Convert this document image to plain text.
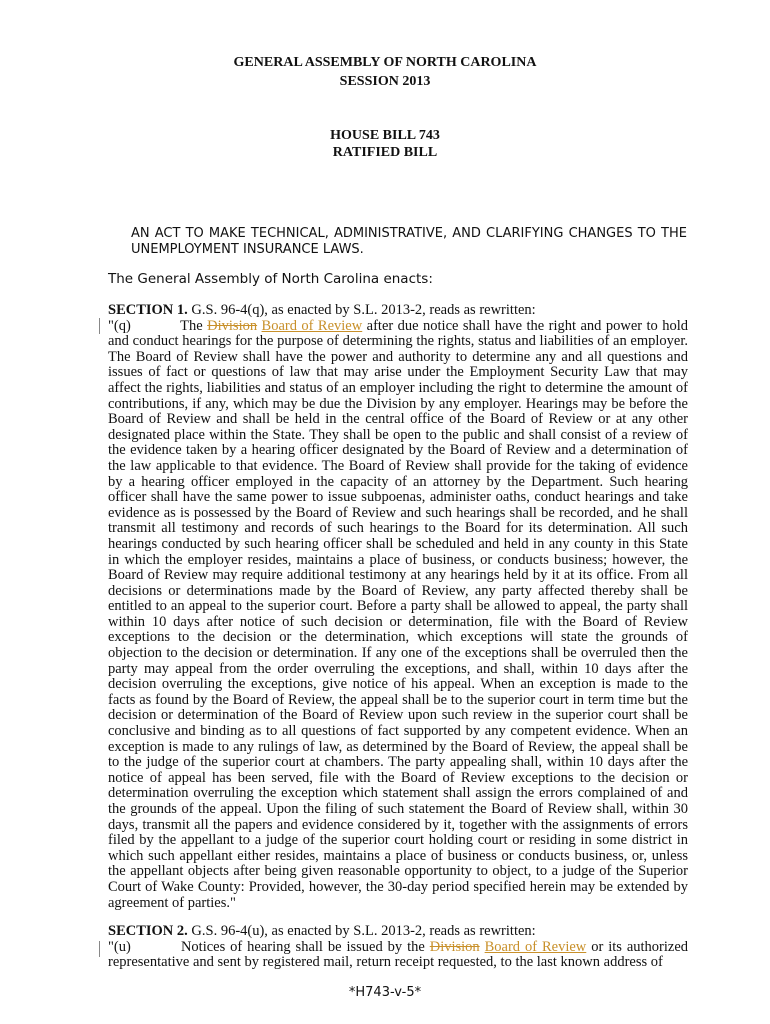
GENERAL ASSEMBLY OF NORTH CAROLINA
SESSION 2013
HOUSE BILL 743
RATIFIED BILL
AN ACT TO MAKE TECHNICAL, ADMINISTRATIVE, AND CLARIFYING CHANGES TO THE UNEMPLOYMENT INSURANCE LAWS.
The General Assembly of North Carolina enacts:
SECTION 1. G.S. 96-4(q), as enacted by S.L. 2013-2, reads as rewritten:
"(q)	The Division Board of Review after due notice shall have the right and power to hold and conduct hearings for the purpose of determining the rights, status and liabilities of an employer. The Board of Review shall have the power and authority to determine any and all questions and issues of fact or questions of law that may arise under the Employment Security Law that may affect the rights, liabilities and status of an employer including the right to determine the amount of contributions, if any, which may be due the Division by any employer. Hearings may be before the Board of Review and shall be held in the central office of the Board of Review or at any other designated place within the State. They shall be open to the public and shall consist of a review of the evidence taken by a hearing officer designated by the Board of Review and a determination of the law applicable to that evidence. The Board of Review shall provide for the taking of evidence by a hearing officer employed in the capacity of an attorney by the Department. Such hearing officer shall have the same power to issue subpoenas, administer oaths, conduct hearings and take evidence as is possessed by the Board of Review and such hearings shall be recorded, and he shall transmit all testimony and records of such hearings to the Board for its determination. All such hearings conducted by such hearing officer shall be scheduled and held in any county in this State in which the employer resides, maintains a place of business, or conducts business; however, the Board of Review may require additional testimony at any hearings held by it at its office. From all decisions or determinations made by the Board of Review, any party affected thereby shall be entitled to an appeal to the superior court. Before a party shall be allowed to appeal, the party shall within 10 days after notice of such decision or determination, file with the Board of Review exceptions to the decision or the determination, which exceptions will state the grounds of objection to the decision or determination. If any one of the exceptions shall be overruled then the party may appeal from the order overruling the exceptions, and shall, within 10 days after the decision overruling the exceptions, give notice of his appeal. When an exception is made to the facts as found by the Board of Review, the appeal shall be to the superior court in term time but the decision or determination of the Board of Review upon such review in the superior court shall be conclusive and binding as to all questions of fact supported by any competent evidence. When an exception is made to any rulings of law, as determined by the Board of Review, the appeal shall be to the judge of the superior court at chambers. The party appealing shall, within 10 days after the notice of appeal has been served, file with the Board of Review exceptions to the decision or determination overruling the exception which statement shall assign the errors complained of and the grounds of the appeal. Upon the filing of such statement the Board of Review shall, within 30 days, transmit all the papers and evidence considered by it, together with the assignments of errors filed by the appellant to a judge of the superior court holding court or residing in some district in which such appellant either resides, maintains a place of business or conducts business, or, unless the appellant objects after being given reasonable opportunity to object, to a judge of the Superior Court of Wake County: Provided, however, the 30-day period specified herein may be extended by agreement of parties."
SECTION 2. G.S. 96-4(u), as enacted by S.L. 2013-2, reads as rewritten:
"(u)	Notices of hearing shall be issued by the Division Board of Review or its authorized representative and sent by registered mail, return receipt requested, to the last known address of
*H743-v-5*
